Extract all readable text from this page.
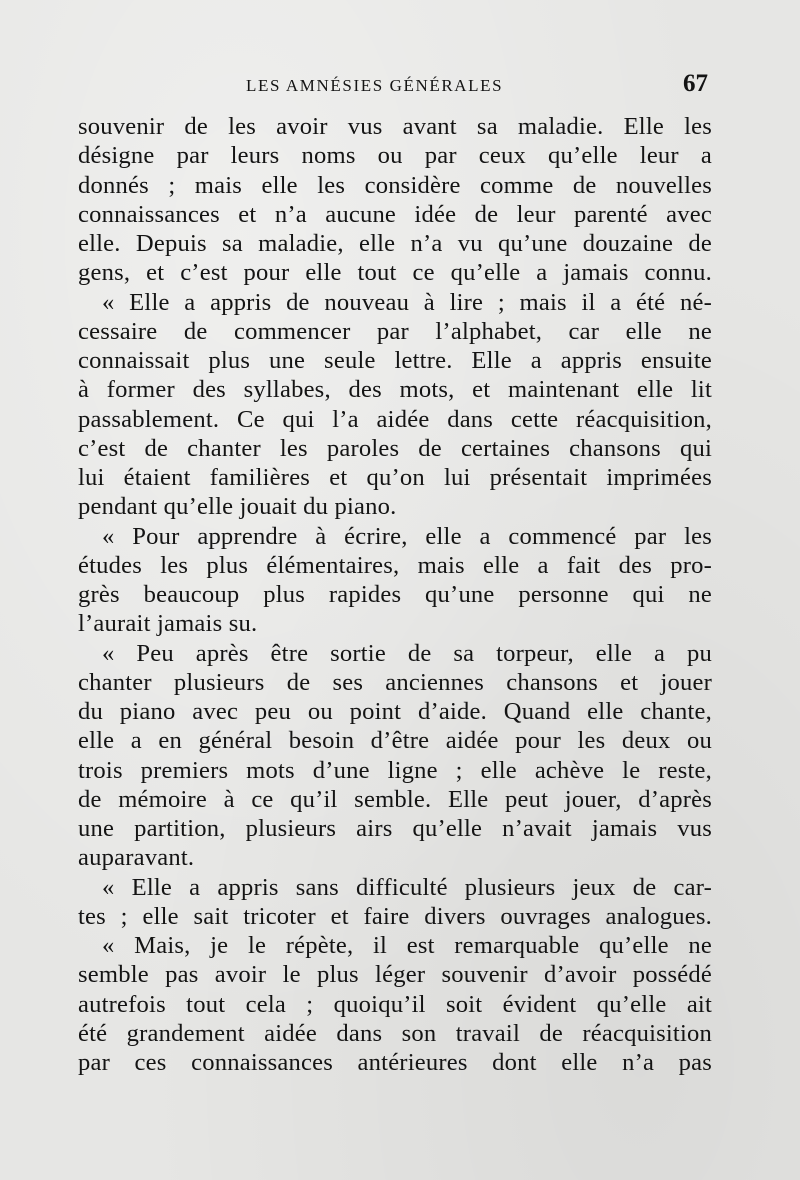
LES AMNÉSIES GÉNÉRALES	67
souvenir de les avoir vus avant sa maladie. Elle les
désigne par leurs noms ou par ceux qu’elle leur a
donnés ; mais elle les considère comme de nouvelles
connaissances et n’a aucune idée de leur parenté avec
elle. Depuis sa maladie, elle n’a vu qu’une douzaine de
gens, et c’est pour elle tout ce qu’elle a jamais connu.
« Elle a appris de nouveau à lire ; mais il a été né-
cessaire de commencer par l’alphabet, car elle ne
connaissait plus une seule lettre. Elle a appris ensuite
à former des syllabes, des mots, et maintenant elle lit
passablement. Ce qui l’a aidée dans cette réacquisition,
c’est de chanter les paroles de certaines chansons qui
lui étaient familières et qu’on lui présentait imprimées
pendant qu’elle jouait du piano.
« Pour apprendre à écrire, elle a commencé par les
études les plus élémentaires, mais elle a fait des pro-
grès beaucoup plus rapides qu’une personne qui ne
l’aurait jamais su.
« Peu après être sortie de sa torpeur, elle a pu
chanter plusieurs de ses anciennes chansons et jouer
du piano avec peu ou point d’aide. Quand elle chante,
elle a en général besoin d’être aidée pour les deux ou
trois premiers mots d’une ligne ; elle achève le reste,
de mémoire à ce qu’il semble. Elle peut jouer, d’après
une partition, plusieurs airs qu’elle n’avait jamais vus
auparavant.
« Elle a appris sans difficulté plusieurs jeux de car-
tes ; elle sait tricoter et faire divers ouvrages analogues.
« Mais, je le répète, il est remarquable qu’elle ne
semble pas avoir le plus léger souvenir d’avoir possédé
autrefois tout cela ; quoiqu’il soit évident qu’elle ait
été grandement aidée dans son travail de réacquisition
par ces connaissances antérieures dont elle n’a pas
